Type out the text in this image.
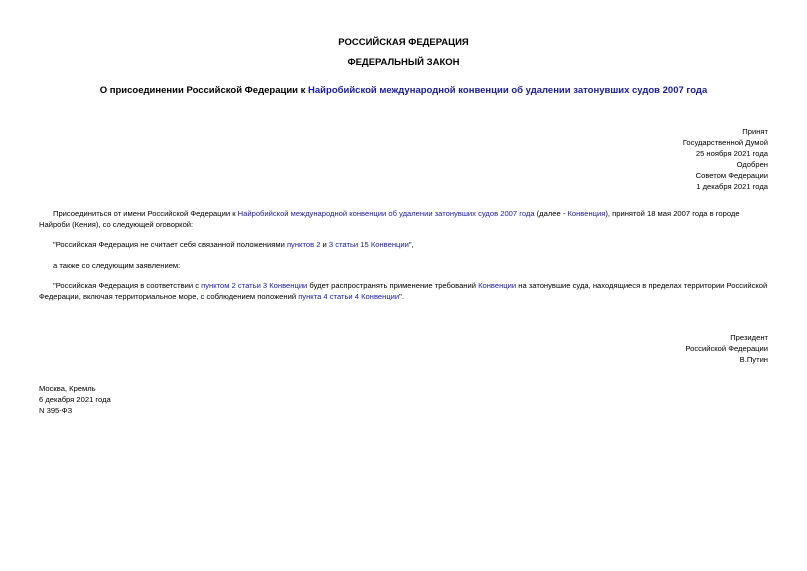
РОССИЙСКАЯ ФЕДЕРАЦИЯ
ФЕДЕРАЛЬНЫЙ ЗАКОН
О присоединении Российской Федерации к Найробийской международной конвенции об удалении затонувших судов 2007 года
Принят
Государственной Думой
25 ноября 2021 года
Одобрен
Советом Федерации
1 декабря 2021 года
Присоединиться от имени Российской Федерации к Найробийской международной конвенции об удалении затонувших судов 2007 года (далее - Конвенция), принятой 18 мая 2007 года в городе Найроби (Кения), со следующей оговоркой:
"Российская Федерация не считает себя связанной положениями пунктов 2 и 3 статьи 15 Конвенции",
а также со следующим заявлением:
"Российская Федерация в соответствии с пунктом 2 статьи 3 Конвенции будет распространять применение требований Конвенции на затонувшие суда, находящиеся в пределах территории Российской Федерации, включая территориальное море, с соблюдением положений пункта 4 статьи 4 Конвенции".
Президент
Российской Федерации
В.Путин
Москва, Кремль
6 декабря 2021 года
N 395-ФЗ
